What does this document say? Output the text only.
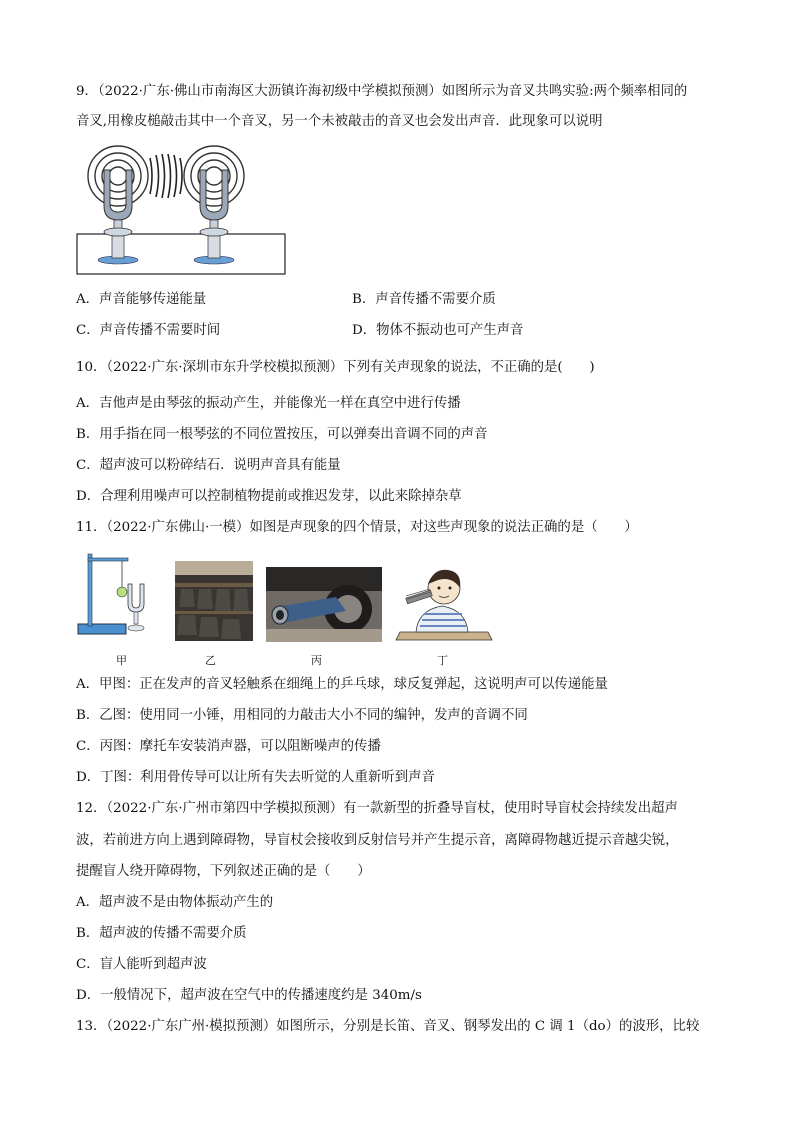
9．（2022·广东·佛山市南海区大沥镇许海初级中学模拟预测）如图所示为音叉共鸣实验:两个频率相同的
音叉,用橡皮槌敲击其中一个音叉，另一个未被敲击的音叉也会发出声音．此现象可以说明
A．声音能够传递能量	B．声音传播不需要介质
C．声音传播不需要时间	D．物体不振动也可产生声音
10．（2022·广东·深圳市东升学校模拟预测）下列有关声现象的说法，不正确的是(　　)
A．吉他声是由琴弦的振动产生，并能像光一样在真空中进行传播
B．用手指在同一根琴弦的不同位置按压，可以弹奏出音调不同的声音
C．超声波可以粉碎结石．说明声音具有能量
D．合理利用噪声可以控制植物提前或推迟发芽，以此来除掉杂草
11．（2022·广东佛山·一模）如图是声现象的四个情景，对这些声现象的说法正确的是（　　）
甲	乙	丙	丁
A．甲图：正在发声的音叉轻触系在细绳上的乒乓球，球反复弹起，这说明声可以传递能量
B．乙图：使用同一小锤，用相同的力敲击大小不同的编钟，发声的音调不同
C．丙图：摩托车安装消声器，可以阻断噪声的传播
D．丁图：利用骨传导可以让所有失去听觉的人重新听到声音
12．（2022·广东·广州市第四中学模拟预测）有一款新型的折叠导盲杖，使用时导盲杖会持续发出超声
波，若前进方向上遇到障碍物，导盲杖会接收到反射信号并产生提示音，离障碍物越近提示音越尖锐，
提醒盲人绕开障碍物，下列叙述正确的是（　　）
A．超声波不是由物体振动产生的
B．超声波的传播不需要介质
C．盲人能听到超声波
D．一般情况下，超声波在空气中的传播速度约是 340m/s
13．（2022·广东广州·模拟预测）如图所示，分别是长笛、音叉、钢琴发出的 C 调 1（do）的波形，比较
